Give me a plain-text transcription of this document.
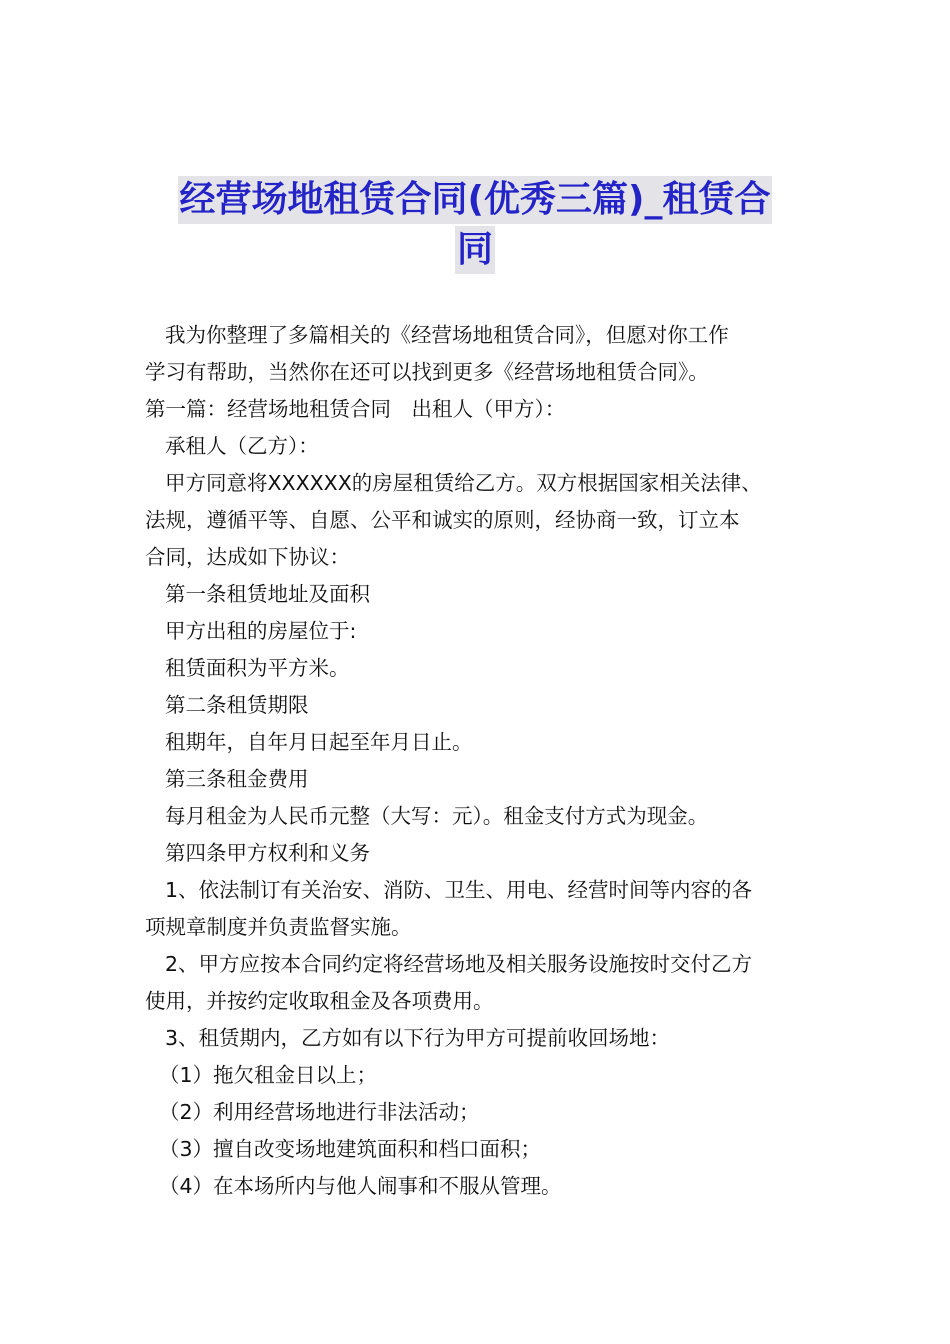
经营场地租赁合同(优秀三篇)_租赁合
同

我为你整理了多篇相关的《经营场地租赁合同》，但愿对你工作

学习有帮助，当然你在还可以找到更多《经营场地租赁合同》。

第一篇：经营场地租赁合同　出租人（甲方）：

承租人（乙方）：

甲方同意将XXXXXX的房屋租赁给乙方。双方根据国家相关法律、

法规，遵循平等、自愿、公平和诚实的原则，经协商一致，订立本

合同，达成如下协议：

第一条租赁地址及面积

甲方出租的房屋位于:

租赁面积为平方米。

第二条租赁期限

租期年，自年月日起至年月日止。

第三条租金费用

每月租金为人民币元整（大写：元）。租金支付方式为现金。

第四条甲方权利和义务

1、依法制订有关治安、消防、卫生、用电、经营时间等内容的各

项规章制度并负责监督实施。

2、甲方应按本合同约定将经营场地及相关服务设施按时交付乙方

使用，并按约定收取租金及各项费用。

3、租赁期内，乙方如有以下行为甲方可提前收回场地：

（1）拖欠租金日以上；

（2）利用经营场地进行非法活动；

（3）擅自改变场地建筑面积和档口面积；

（4）在本场所内与他人闹事和不服从管理。
